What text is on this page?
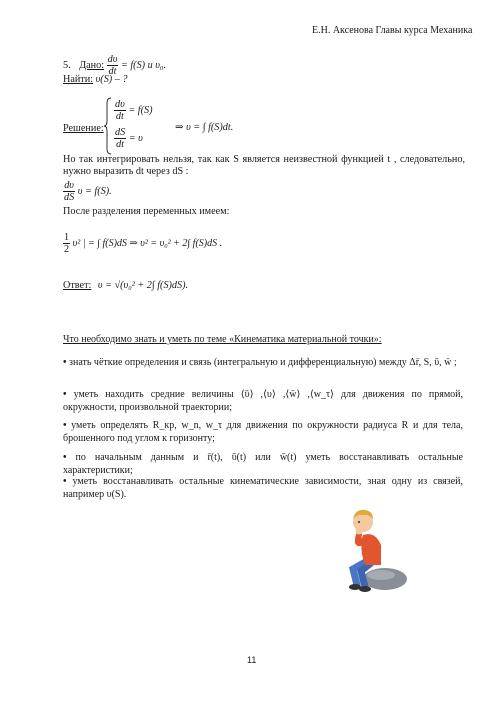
Е.Н. Аксенова Главы курса Механика
5. Дано: $\frac{d\upsilon}{dt} = f(S)$ и $\upsilon_0$.
Найти: υ(S) – ?
Решение:
$\frac{d\upsilon}{dt} = f(S)$
$\frac{dS}{dt} = \upsilon$
⇒ υ = ∫ f(S)dt.
Но так интегрировать нельзя, так как S является неизвестной функцией t , следовательно, нужно выразить dt через dS :
$\frac{d\upsilon}{dS}$ υ = f(S).
После разделения переменных имеем:
$\frac{1}{2} \upsilon^2$ | = ∫ f(S)dS ⇒ υ² = υ₀² + 2∫ f(S)dS .
Ответ: υ = √(υ₀² + 2∫ f(S)dS).
Что необходимо знать и уметь по теме «Кинематика материальной точки»:
• знать чёткие определения и связь (интегральную и дифференциальную) между Δr̄, S, ῡ, w̄ ;
• уметь находить средние величины ⟨ῡ⟩ ,⟨υ⟩ ,⟨w̄⟩ ,⟨w_τ⟩ для движения по прямой, окружности, произвольной траектории;
• уметь определять R_кр, w_n, w_τ для движения по окружности радиуса R и для тела, брошенного под углом к горизонту;
• по начальным данным и r̄(t), ῡ(t) или w̄(t) уметь восстанавливать остальные характеристики;
• уметь восстанавливать остальные кинематические зависимости, зная одну из связей, например υ(S).
11
